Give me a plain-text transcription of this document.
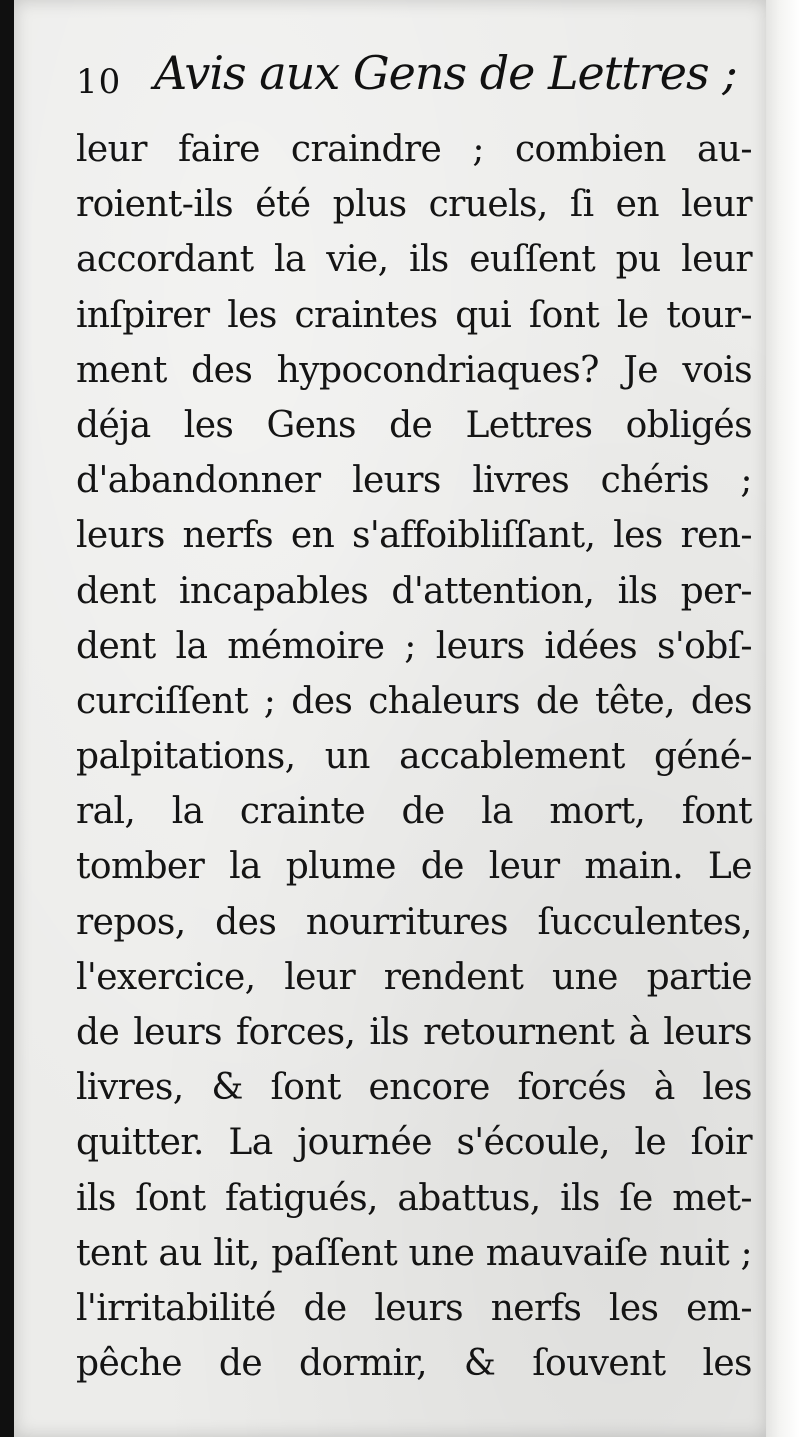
10 Avis aux Gens de Lettres ;
leur faire craindre ; combien au-
roient-ils été plus cruels, ſi en leur
accordant la vie, ils euſſent pu leur
inſpirer les craintes qui ſont le tour-
ment des hypocondriaques? Je vois
déja les Gens de Lettres obligés
d'abandonner leurs livres chéris ;
leurs nerfs en s'affoibliſſant, les ren-
dent incapables d'attention, ils per-
dent la mémoire ; leurs idées s'obſ-
curciſſent ; des chaleurs de tête, des
palpitations, un accablement géné-
ral, la crainte de la mort, font
tomber la plume de leur main. Le
repos, des nourritures ſucculentes,
l'exercice, leur rendent une partie
de leurs forces, ils retournent à leurs
livres, & ſont encore forcés à les
quitter. La journée s'écoule, le ſoir
ils ſont fatigués, abattus, ils ſe met-
tent au lit, paſſent une mauvaiſe nuit ;
l'irritabilité de leurs nerfs les em-
pêche de dormir, & ſouvent les
